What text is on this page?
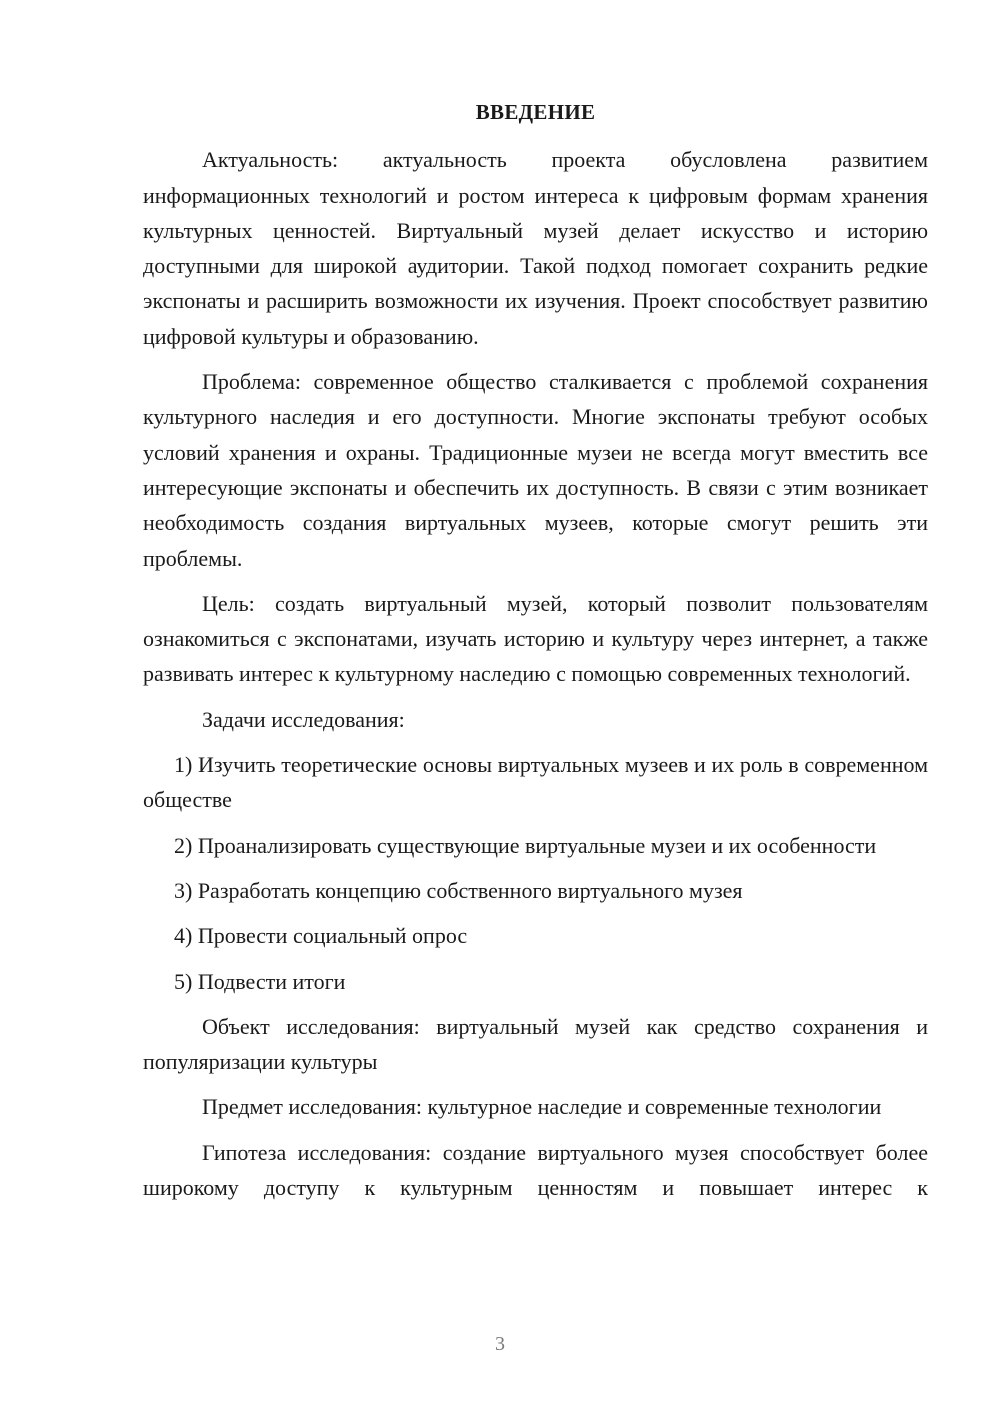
ВВЕДЕНИЕ

Актуальность: актуальность проекта обусловлена развитием информационных технологий и ростом интереса к цифровым формам хранения культурных ценностей. Виртуальный музей делает искусство и историю доступными для широкой аудитории. Такой подход помогает сохранить редкие экспонаты и расширить возможности их изучения. Проект способствует развитию цифровой культуры и образованию.

Проблема: современное общество сталкивается с проблемой сохранения культурного наследия и его доступности. Многие экспонаты требуют особых условий хранения и охраны. Традиционные музеи не всегда могут вместить все интересующие экспонаты и обеспечить их доступность. В связи с этим возникает необходимость создания виртуальных музеев, которые смогут решить эти проблемы.

Цель: создать виртуальный музей, который позволит пользователям ознакомиться с экспонатами, изучать историю и культуру через интернет, а также развивать интерес к культурному наследию с помощью современных технологий.

Задачи исследования:

1) Изучить теоретические основы виртуальных музеев и их роль в современном обществе

2) Проанализировать существующие виртуальные музеи и их особенности

3) Разработать концепцию собственного виртуального музея

4) Провести социальный опрос

5) Подвести итоги

Объект исследования: виртуальный музей как средство сохранения и популяризации культуры

Предмет исследования: культурное наследие и современные технологии

Гипотеза исследования: создание виртуального музея способствует более широкому доступу к культурным ценностям и повышает интерес к

3
